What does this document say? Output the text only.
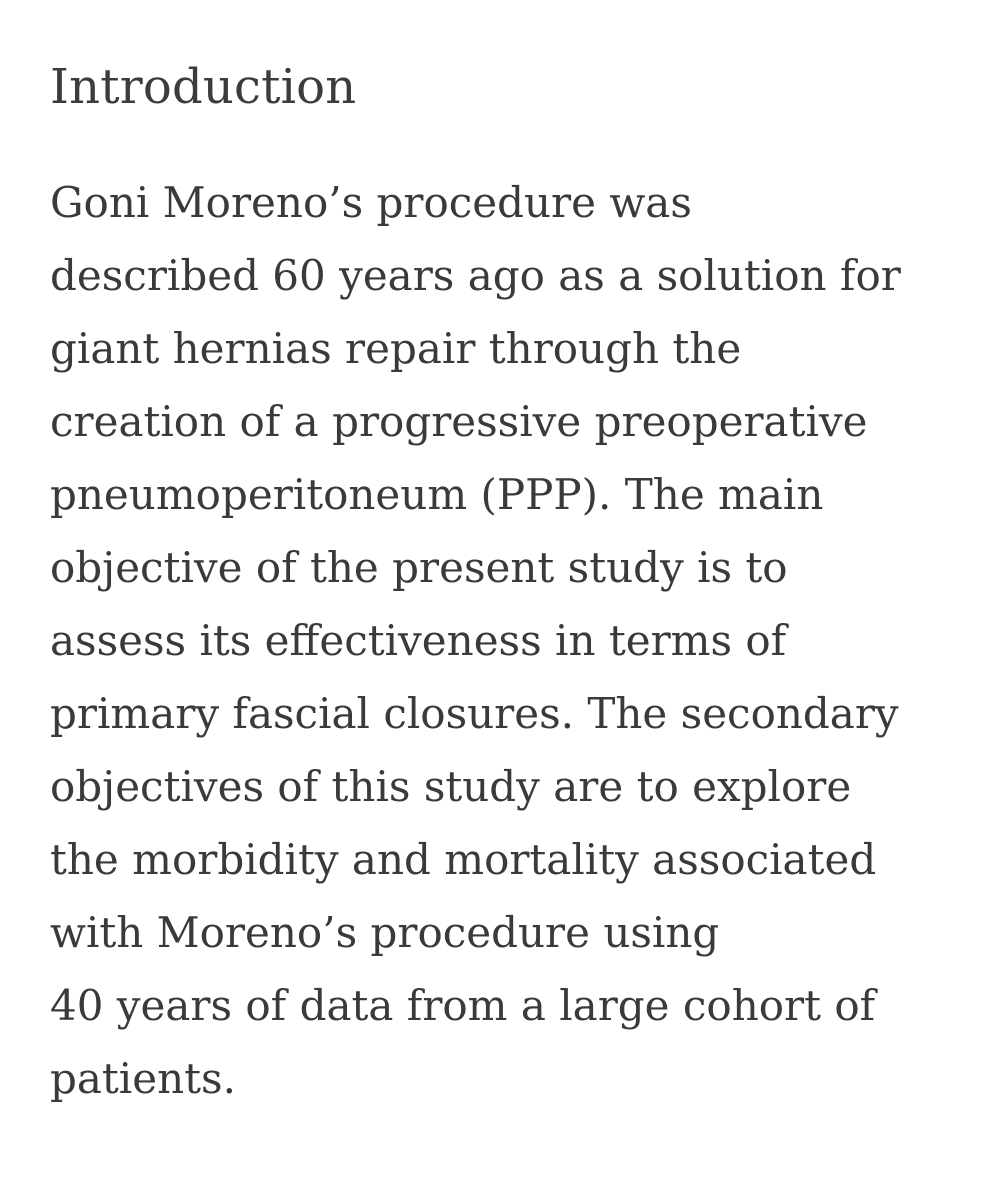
Introduction
Goni Moreno’s procedure was
described 60 years ago as a solution for
giant hernias repair through the
creation of a progressive preoperative
pneumoperitoneum (PPP). The main
objective of the present study is to
assess its effectiveness in terms of
primary fascial closures. The secondary
objectives of this study are to explore
the morbidity and mortality associated
with Moreno’s procedure using
40 years of data from a large cohort of
patients.
